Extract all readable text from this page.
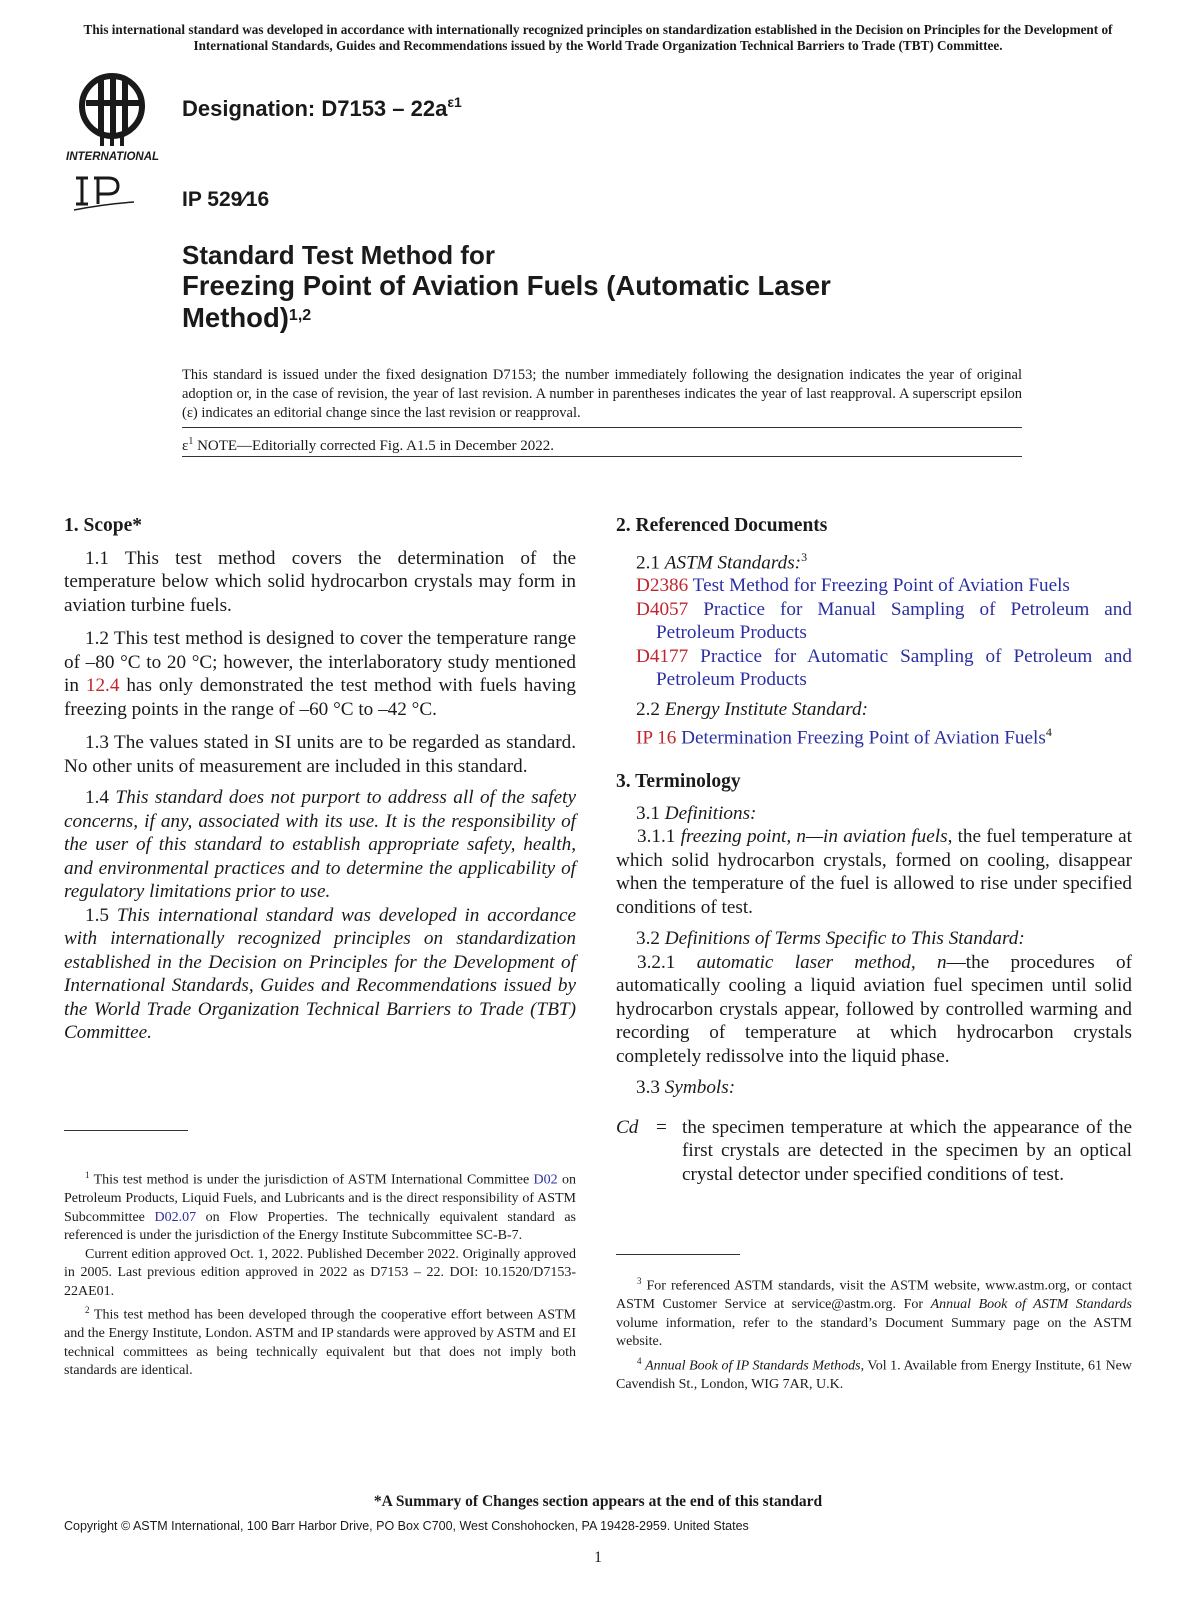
This international standard was developed in accordance with internationally recognized principles on standardization established in the Decision on Principles for the Development of International Standards, Guides and Recommendations issued by the World Trade Organization Technical Barriers to Trade (TBT) Committee.
INTERNATIONAL
Designation: $D7153 - 22a^{\varepsilon 1}$
IP 529⁄16
Standard Test Method for
Freezing Point of Aviation Fuels (Automatic Laser Method)$^{1,2}$
This standard is issued under the fixed designation D7153; the number immediately following the designation indicates the year of original adoption or, in the case of revision, the year of last revision. A number in parentheses indicates the year of last reapproval. A superscript epsilon (ε) indicates an editorial change since the last revision or reapproval.
$\varepsilon^1$ NOTE—Editorially corrected Fig. A1.5 in December 2022.

1. Scope*

1.1 This test method covers the determination of the temperature below which solid hydrocarbon crystals may form in aviation turbine fuels.

1.2 This test method is designed to cover the temperature range of –80 °C to 20 °C; however, the interlaboratory study mentioned in 12.4 has only demonstrated the test method with fuels having freezing points in the range of –60 °C to –42 °C.

1.3 The values stated in SI units are to be regarded as standard. No other units of measurement are included in this standard.

1.4 This standard does not purport to address all of the safety concerns, if any, associated with its use. It is the responsibility of the user of this standard to establish appropriate safety, health, and environmental practices and to determine the applicability of regulatory limitations prior to use.

1.5 This international standard was developed in accordance with internationally recognized principles on standardization established in the Decision on Principles for the Development of International Standards, Guides and Recommendations issued by the World Trade Organization Technical Barriers to Trade (TBT) Committee.

$^1$ This test method is under the jurisdiction of ASTM International Committee D02 on Petroleum Products, Liquid Fuels, and Lubricants and is the direct responsibility of ASTM Subcommittee D02.07 on Flow Properties. The technically equivalent standard as referenced is under the jurisdiction of the Energy Institute Subcommittee SC-B-7.

Current edition approved Oct. 1, 2022. Published December 2022. Originally approved in 2005. Last previous edition approved in 2022 as D7153 – 22. DOI: 10.1520/D7153-22AE01.

$^2$ This test method has been developed through the cooperative effort between ASTM and the Energy Institute, London. ASTM and IP standards were approved by ASTM and EI technical committees as being technically equivalent but that does not imply both standards are identical.

2. Referenced Documents

2.1 ASTM Standards:$^3$

D2386 Test Method for Freezing Point of Aviation Fuels

D4057 Practice for Manual Sampling of Petroleum and Petroleum Products

D4177 Practice for Automatic Sampling of Petroleum and Petroleum Products

2.2 Energy Institute Standard:

IP 16 Determination Freezing Point of Aviation Fuels$^4$

3. Terminology

3.1 Definitions:

3.1.1 freezing point, n—in aviation fuels, the fuel temperature at which solid hydrocarbon crystals, formed on cooling, disappear when the temperature of the fuel is allowed to rise under specified conditions of test.

3.2 Definitions of Terms Specific to This Standard:

3.2.1 automatic laser method, n—the procedures of automatically cooling a liquid aviation fuel specimen until solid hydrocarbon crystals appear, followed by controlled warming and recording of temperature at which hydrocarbon crystals completely redissolve into the liquid phase.

3.3 Symbols:

Cd = the specimen temperature at which the appearance of the first crystals are detected in the specimen by an optical crystal detector under specified conditions of test.

$^3$ For referenced ASTM standards, visit the ASTM website, www.astm.org, or contact ASTM Customer Service at service@astm.org. For Annual Book of ASTM Standards volume information, refer to the standard’s Document Summary page on the ASTM website.

$^4$ Annual Book of IP Standards Methods, Vol 1. Available from Energy Institute, 61 New Cavendish St., London, WIG 7AR, U.K.

*A Summary of Changes section appears at the end of this standard
Copyright © ASTM International, 100 Barr Harbor Drive, PO Box C700, West Conshohocken, PA 19428-2959. United States
1
